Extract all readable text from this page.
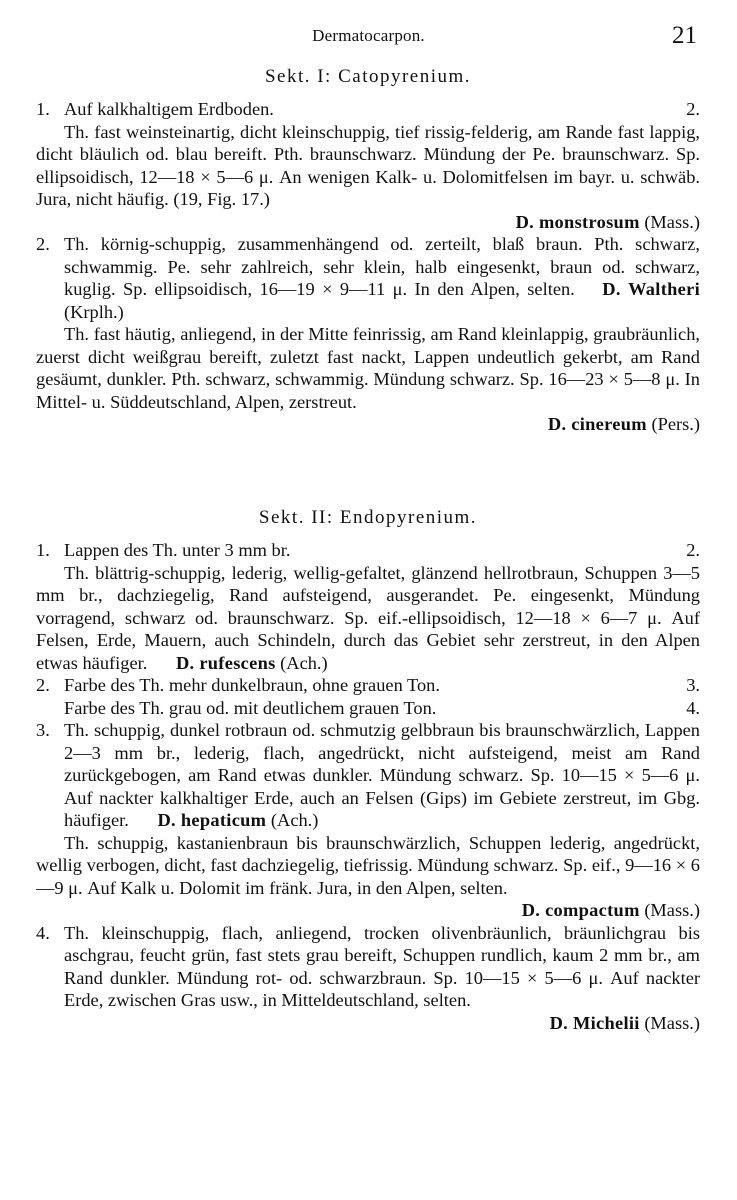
Dermatocarpon.	21
Sekt. I: Catopyrenium.
1. Auf kalkhaltigem Erdboden.	2.
Th. fast weinsteinartig, dicht kleinschuppig, tief rissig-felderig, am Rande fast lappig, dicht bläulich od. blau bereift. Pth. braunschwarz. Mündung der Pe. braunschwarz. Sp. ellipsoidisch, 12—18 × 5—6 μ. An wenigen Kalk- u. Dolomitfelsen im bayr. u. schwäb. Jura, nicht häufig. (19, Fig. 17.)
D. monstrosum (Mass.)
2. Th. körnig-schuppig, zusammenhängend od. zerteilt, blaß braun. Pth. schwarz, schwammig. Pe. sehr zahlreich, sehr klein, halb eingesenkt, braun od. schwarz, kuglig. Sp. ellipsoidisch, 16—19 × 9—11 μ. In den Alpen, selten. D. Waltheri (Krplh.)
Th. fast häutig, anliegend, in der Mitte feinrissig, am Rand kleinlappig, graubräunlich, zuerst dicht weißgrau bereift, zuletzt fast nackt, Lappen undeutlich gekerbt, am Rand gesäumt, dunkler. Pth. schwarz, schwammig. Mündung schwarz. Sp. 16—23 × 5—8 μ. In Mittel- u. Süddeutschland, Alpen, zerstreut.
D. cinereum (Pers.)
Sekt. II: Endopyrenium.
1. Lappen des Th. unter 3 mm br.	2.
Th. blättrig-schuppig, lederig, wellig-gefaltet, glänzend hellrotbraun, Schuppen 3—5 mm br., dachziegelig, Rand aufsteigend, ausgerandet. Pe. eingesenkt, Mündung vorragend, schwarz od. braunschwarz. Sp. eif.-ellipsoidisch, 12—18 × 6—7 μ. Auf Felsen, Erde, Mauern, auch Schindeln, durch das Gebiet sehr zerstreut, in den Alpen etwas häufiger. D. rufescens (Ach.)
2. Farbe des Th. mehr dunkelbraun, ohne grauen Ton.	3.
Farbe des Th. grau od. mit deutlichem grauen Ton.	4.
3. Th. schuppig, dunkel rotbraun od. schmutzig gelbbraun bis braunschwärzlich, Lappen 2—3 mm br., lederig, flach, angedrückt, nicht aufsteigend, meist am Rand zurückgebogen, am Rand etwas dunkler. Mündung schwarz. Sp. 10—15 × 5—6 μ. Auf nackter kalkhaltiger Erde, auch an Felsen (Gips) im Gebiete zerstreut, im Gbg. häufiger. D. hepaticum (Ach.)
Th. schuppig, kastanienbraun bis braunschwärzlich, Schuppen lederig, angedrückt, wellig verbogen, dicht, fast dachziegelig, tiefrissig. Mündung schwarz. Sp. eif., 9—16 × 6—9 μ. Auf Kalk u. Dolomit im fränk. Jura, in den Alpen, selten.
D. compactum (Mass.)
4. Th. kleinschuppig, flach, anliegend, trocken olivenbräunlich, bräunlichgrau bis aschgrau, feucht grün, fast stets grau bereift, Schuppen rundlich, kaum 2 mm br., am Rand dunkler. Mündung rot- od. schwarzbraun. Sp. 10—15 × 5—6 μ. Auf nackter Erde, zwischen Gras usw., in Mitteldeutschland, selten.
D. Michelii (Mass.)
